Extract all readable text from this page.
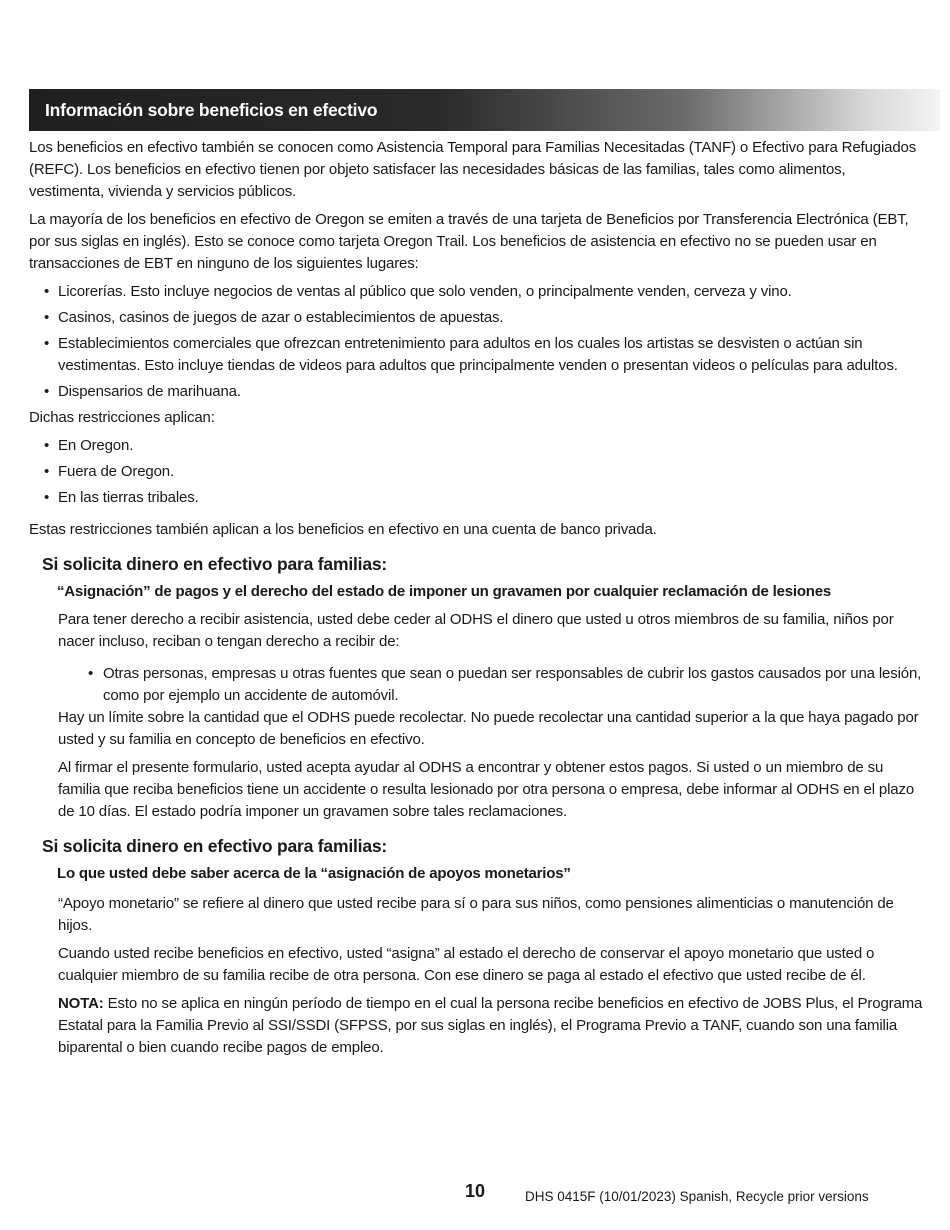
Información sobre beneficios en efectivo

Los beneficios en efectivo también se conocen como Asistencia Temporal para Familias Necesitadas (TANF) o Efectivo para Refugiados (REFC). Los beneficios en efectivo tienen por objeto satisfacer las necesidades básicas de las familias, tales como alimentos, vestimenta, vivienda y servicios públicos.

La mayoría de los beneficios en efectivo de Oregon se emiten a través de una tarjeta de Beneficios por Transferencia Electrónica (EBT, por sus siglas en inglés). Esto se conoce como tarjeta Oregon Trail. Los beneficios de asistencia en efectivo no se pueden usar en transacciones de EBT en ninguno de los siguientes lugares:

• Licorerías. Esto incluye negocios de ventas al público que solo venden, o principalmente venden, cerveza y vino.
• Casinos, casinos de juegos de azar o establecimientos de apuestas.
• Establecimientos comerciales que ofrezcan entretenimiento para adultos en los cuales los artistas se desvisten o actúan sin vestimentas. Esto incluye tiendas de videos para adultos que principalmente venden o presentan videos o películas para adultos.
• Dispensarios de marihuana.

Dichas restricciones aplican:

• En Oregon.
• Fuera de Oregon.
• En las tierras tribales.

Estas restricciones también aplican a los beneficios en efectivo en una cuenta de banco privada.

Si solicita dinero en efectivo para familias:
“Asignación” de pagos y el derecho del estado de imponer un gravamen por cualquier reclamación de lesiones

Para tener derecho a recibir asistencia, usted debe ceder al ODHS el dinero que usted u otros miembros de su familia, niños por nacer incluso, reciban o tengan derecho a recibir de:

• Otras personas, empresas u otras fuentes que sean o puedan ser responsables de cubrir los gastos causados por una lesión, como por ejemplo un accidente de automóvil.

Hay un límite sobre la cantidad que el ODHS puede recolectar. No puede recolectar una cantidad superior a la que haya pagado por usted y su familia en concepto de beneficios en efectivo.

Al firmar el presente formulario, usted acepta ayudar al ODHS a encontrar y obtener estos pagos. Si usted o un miembro de su familia que reciba beneficios tiene un accidente o resulta lesionado por otra persona o empresa, debe informar al ODHS en el plazo de 10 días. El estado podría imponer un gravamen sobre tales reclamaciones.

Si solicita dinero en efectivo para familias:
Lo que usted debe saber acerca de la “asignación de apoyos monetarios”

“Apoyo monetario” se refiere al dinero que usted recibe para sí o para sus niños, como pensiones alimenticias o manutención de hijos.

Cuando usted recibe beneficios en efectivo, usted “asigna” al estado el derecho de conservar el apoyo monetario que usted o cualquier miembro de su familia recibe de otra persona. Con ese dinero se paga al estado el efectivo que usted recibe de él.

NOTA: Esto no se aplica en ningún período de tiempo en el cual la persona recibe beneficios en efectivo de JOBS Plus, el Programa Estatal para la Familia Previo al SSI/SSDI (SFPSS, por sus siglas en inglés), el Programa Previo a TANF, cuando son una familia biparental o bien cuando recibe pagos de empleo.

10	DHS 0415F (10/01/2023) Spanish, Recycle prior versions
